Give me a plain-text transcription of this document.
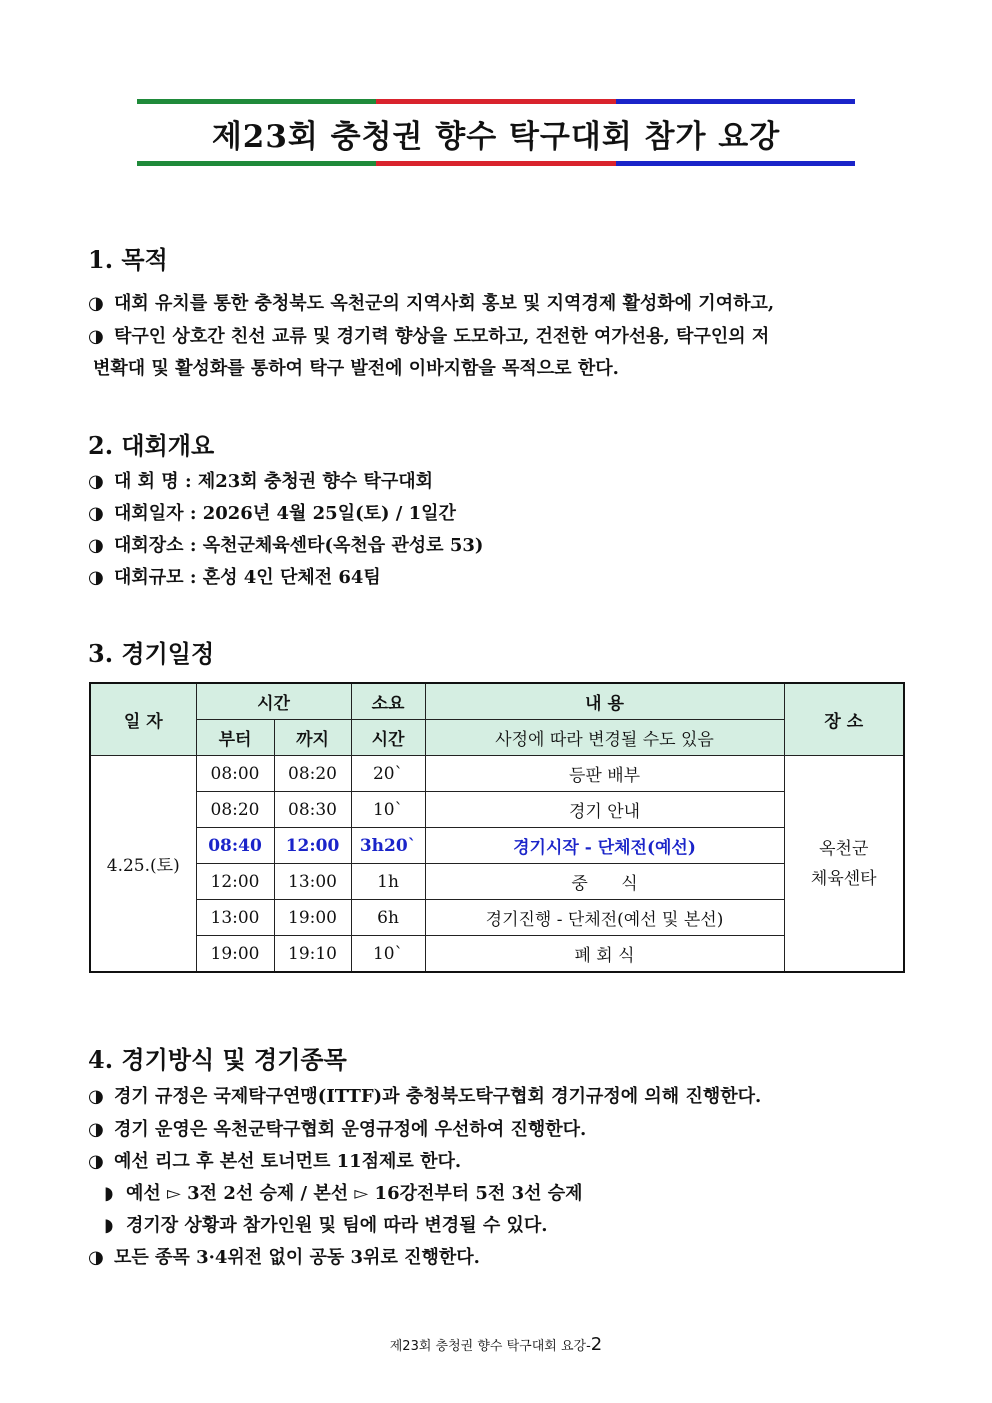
제23회 충청권 향수 탁구대회 참가 요강
1. 목적

◑ 대회 유치를 통한 충청북도 옥천군의 지역사회 홍보 및 지역경제 활성화에 기여하고,

◑ 탁구인 상호간 친선 교류 및 경기력 향상을 도모하고, 건전한 여가선용, 탁구인의 저

변확대 및 활성화를 통하여 탁구 발전에 이바지함을 목적으로 한다.

2. 대회개요

◑ 대 회 명 : 제23회 충청권 향수 탁구대회

◑ 대회일자 : 2026년 4월 25일(토) / 1일간

◑ 대회장소 : 옥천군체육센타(옥천읍 관성로 53)

◑ 대회규모 : 혼성 4인 단체전 64팀

3. 경기일정
일 자	시간		소요	내 용	장 소
	부터	까지	시간	사정에 따라 변경될 수도 있음	
4.25.(토)	08:00	08:20	20`	등판 배부	옥천군
체육센타
	08:20	08:30	10`	경기 안내	
	08:40	12:00	3h20`	경기시작 - 단체전(예선)	
	12:00	13:00	1h	중 식	
	13:00	19:00	6h	경기진행 - 단체전(예선 및 본선)	
	19:00	19:10	10`	폐 회 식	
4. 경기방식 및 경기종목

◑ 경기 규정은 국제탁구연맹(ITTF)과 충청북도탁구협회 경기규정에 의해 진행한다.

◑ 경기 운영은 옥천군탁구협회 운영규정에 우선하여 진행한다.

◑ 예선 리그 후 본선 토너먼트 11점제로 한다.

◗ 예선 ▻ 3전 2선 승제 / 본선 ▻ 16강전부터 5전 3선 승제

◗ 경기장 상황과 참가인원 및 팀에 따라 변경될 수 있다.

◑ 모든 종목 3·4위전 없이 공동 3위로 진행한다.

제23회 충청권 향수 탁구대회 요강-2
